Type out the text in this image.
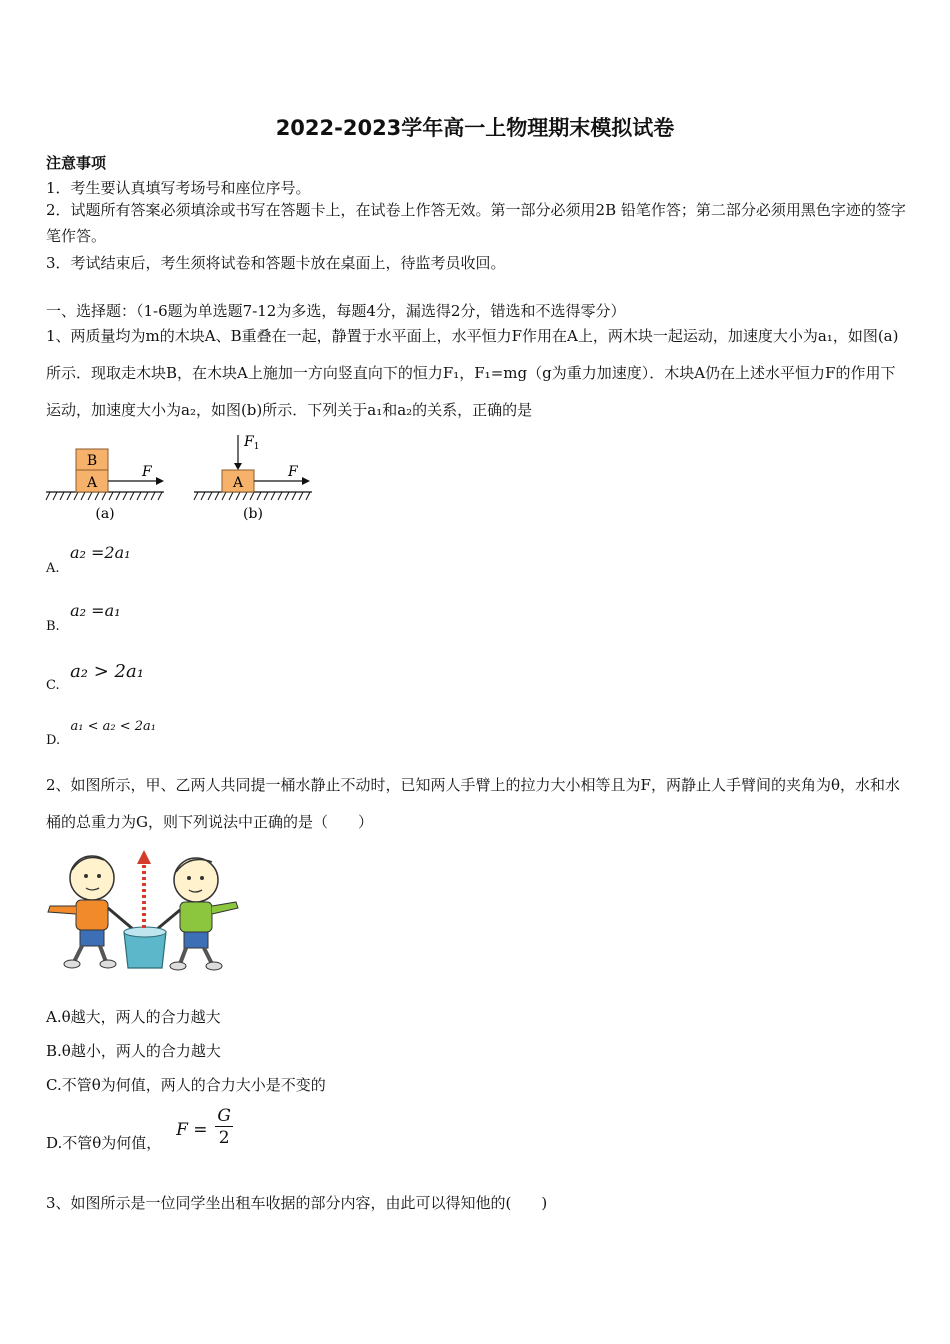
2022-2023学年高一上物理期末模拟试卷
注意事项
1．考生要认真填写考场号和座位序号。
2．试题所有答案必须填涂或书写在答题卡上，在试卷上作答无效。第一部分必须用2B 铅笔作答；第二部分必须用黑色字迹的签字笔作答。
3．考试结束后，考生须将试卷和答题卡放在桌面上，待监考员收回。
一、选择题：（1-6题为单选题7-12为多选，每题4分，漏选得2分，错选和不选得零分）
1、两质量均为m的木块A、B重叠在一起，静置于水平面上，水平恒力F作用在A上，两木块一起运动，加速度大小为a₁，如图(a)所示．现取走木块B，在木块A上施加一方向竖直向下的恒力F₁，F₁=mg（g为重力加速度）．木块A仍在上述水平恒力F的作用下运动，加速度大小为a₂，如图(b)所示．下列关于a₁和a₂的关系，正确的是
B
A
F
(a)
A
$F_1$
F
(b)
A. a₂ =2a₁
B. a₂ =a₁
C. a₂ > 2a₁
D. a₁ < a₂ < 2a₁
2、如图所示，甲、乙两人共同提一桶水静止不动时，已知两人手臂上的拉力大小相等且为F，两静止人手臂间的夹角为θ，水和水桶的总重力为G，则下列说法中正确的是（　　）
A.θ越大，两人的合力越大
B.θ越小，两人的合力越大
C.不管θ为何值，两人的合力大小是不变的
D.不管θ为何值， $F = \frac{G}{2}$
3、如图所示是一位同学坐出租车收据的部分内容，由此可以得知他的(　　)
